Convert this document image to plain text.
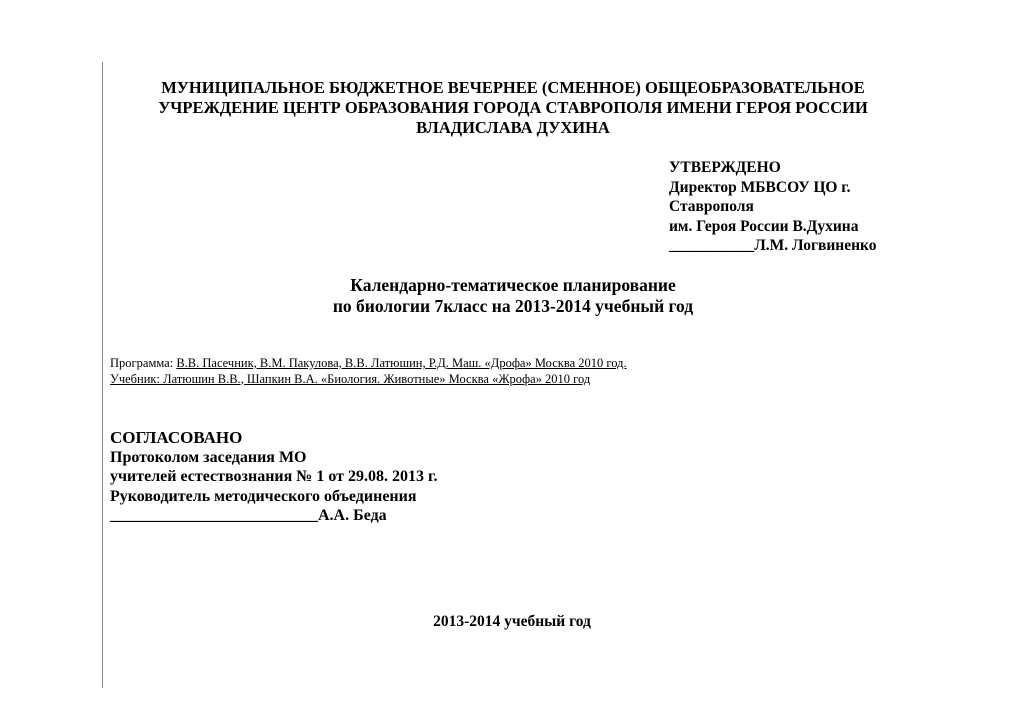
МУНИЦИПАЛЬНОЕ БЮДЖЕТНОЕ ВЕЧЕРНЕЕ (СМЕННОЕ) ОБЩЕОБРАЗОВАТЕЛЬНОЕ
УЧРЕЖДЕНИЕ ЦЕНТР ОБРАЗОВАНИЯ ГОРОДА СТАВРОПОЛЯ ИМЕНИ ГЕРОЯ РОССИИ
ВЛАДИСЛАВА ДУХИНА
УТВЕРЖДЕНО
Директор МБВСОУ ЦО г.
Ставрополя
им. Героя России В.Духина
___________Л.М. Логвиненко
Календарно-тематическое планирование
по биологии 7класс на 2013-2014 учебный год
Программа: В.В. Пасечник, В.М. Пакулова, В.В. Латюшин, Р.Д. Маш. «Дрофа» Москва 2010 год.
Учебник: Латюшин В.В., Шапкин В.А. «Биология. Животные» Москва «Жрофа» 2010 год
СОГЛАСОВАНО
Протоколом заседания МО
учителей естествознания № 1 от 29.08. 2013 г.
Руководитель методического объединения
__________________________А.А. Беда
2013-2014 учебный год
